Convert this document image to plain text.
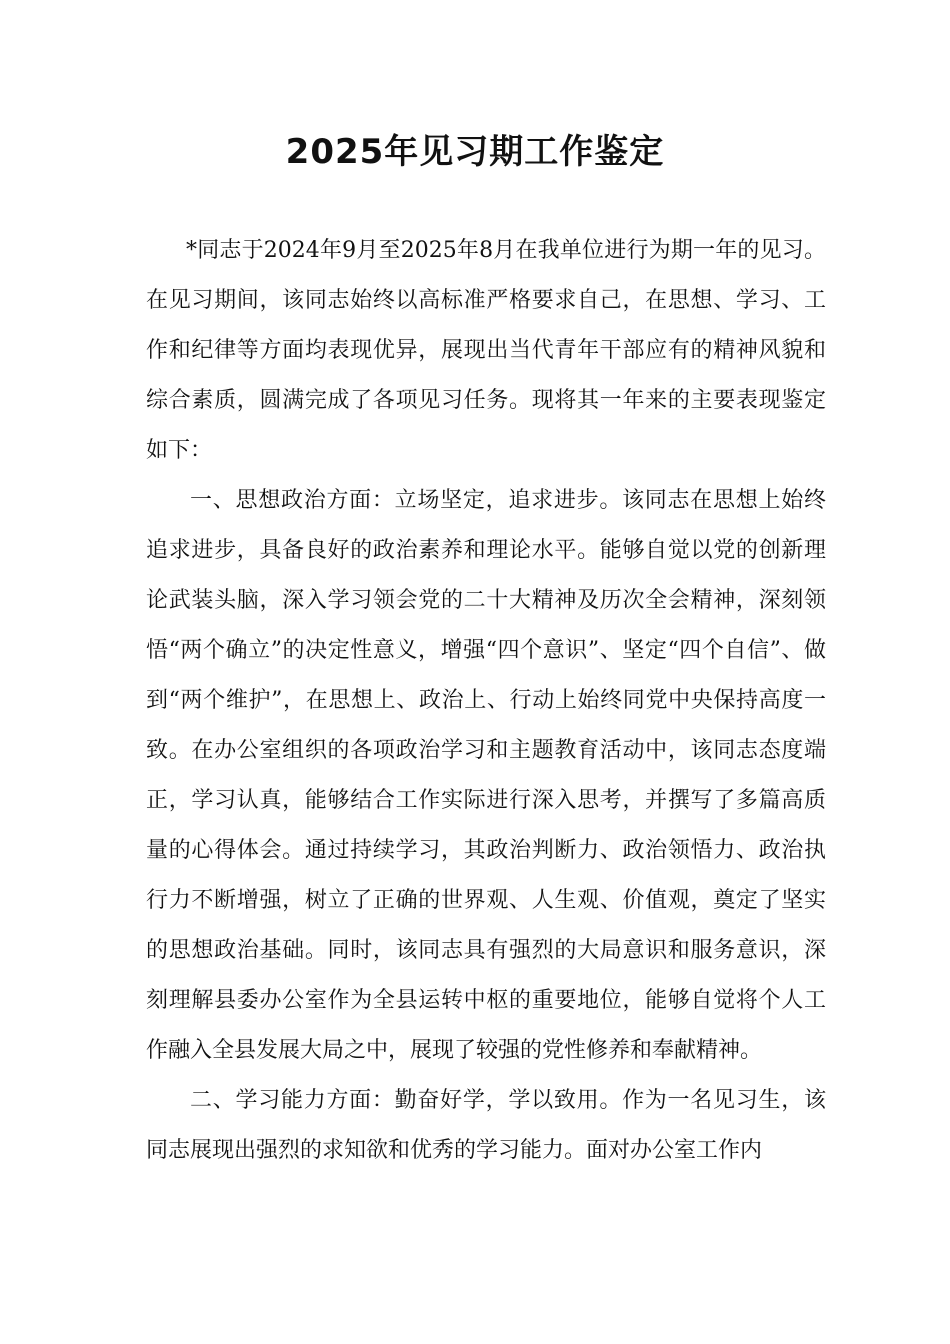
2025年见习期工作鉴定

*同志于2024年9月至2025年8月在我单位进行为期一年的见习。在见习期间，该同志始终以高标准严格要求自己，在思想、学习、工作和纪律等方面均表现优异，展现出当代青年干部应有的精神风貌和综合素质，圆满完成了各项见习任务。现将其一年来的主要表现鉴定如下：

一、思想政治方面：立场坚定，追求进步。该同志在思想上始终追求进步，具备良好的政治素养和理论水平。能够自觉以党的创新理论武装头脑，深入学习领会党的二十大精神及历次全会精神，深刻领悟“两个确立”的决定性意义，增强“四个意识”、坚定“四个自信”、做到“两个维护”，在思想上、政治上、行动上始终同党中央保持高度一致。在办公室组织的各项政治学习和主题教育活动中，该同志态度端正，学习认真，能够结合工作实际进行深入思考，并撰写了多篇高质量的心得体会。通过持续学习，其政治判断力、政治领悟力、政治执行力不断增强，树立了正确的世界观、人生观、价值观，奠定了坚实的思想政治基础。同时，该同志具有强烈的大局意识和服务意识，深刻理解县委办公室作为全县运转中枢的重要地位，能够自觉将个人工作融入全县发展大局之中，展现了较强的党性修养和奉献精神。

二、学习能力方面：勤奋好学，学以致用。作为一名见习生，该同志展现出强烈的求知欲和优秀的学习能力。面对办公室工作内
